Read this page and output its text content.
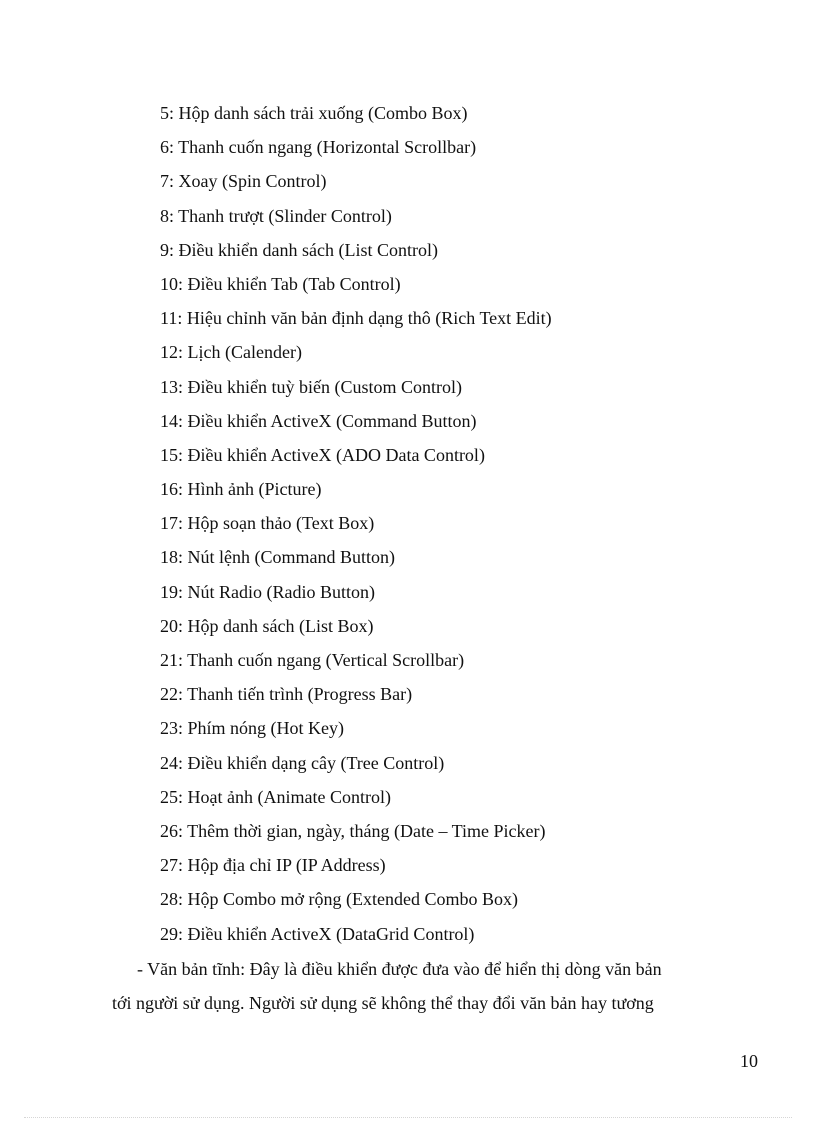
5: Hộp danh sách trải xuống (Combo Box)
6: Thanh cuốn ngang (Horizontal Scrollbar)
7: Xoay (Spin Control)
8: Thanh trượt (Slinder Control)
9: Điều khiển danh sách (List Control)
10: Điều khiển Tab (Tab Control)
11: Hiệu chỉnh văn bản định dạng thô (Rich Text Edit)
12: Lịch (Calender)
13: Điều khiển tuỳ biến (Custom Control)
14: Điều khiển ActiveX (Command Button)
15: Điều khiển ActiveX (ADO Data Control)
16: Hình ảnh (Picture)
17: Hộp soạn thảo (Text Box)
18: Nút lệnh (Command Button)
19: Nút Radio (Radio Button)
20: Hộp danh sách (List Box)
21: Thanh cuốn ngang (Vertical Scrollbar)
22: Thanh tiến trình (Progress Bar)
23: Phím nóng (Hot Key)
24: Điều khiển dạng cây (Tree Control)
25: Hoạt ảnh (Animate Control)
26: Thêm thời gian, ngày, tháng (Date – Time Picker)
27: Hộp địa chỉ IP (IP Address)
28: Hộp Combo mở rộng (Extended Combo Box)
29: Điều khiển ActiveX (DataGrid Control)
- Văn bản tĩnh: Đây là điều khiển được đưa vào để hiển thị dòng văn bản
tới người sử dụng. Người sử dụng sẽ không thể thay đổi văn bản hay tương
10
